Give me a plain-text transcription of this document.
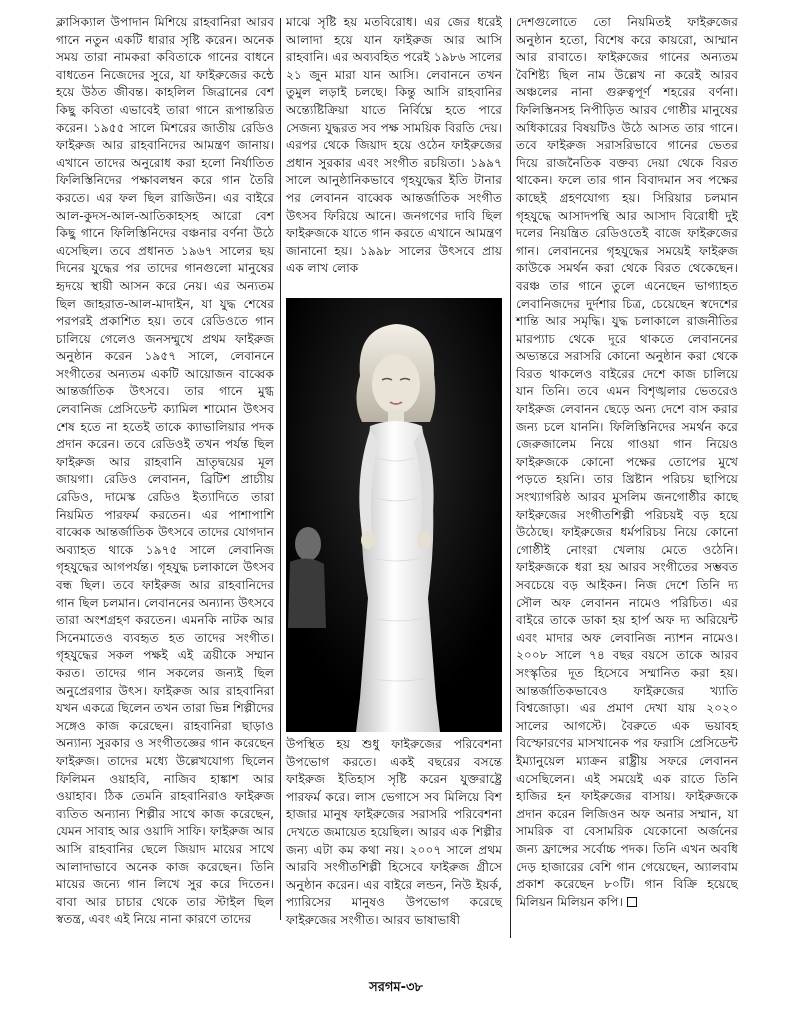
ক্লাসিক্যাল উপাদান মিশিয়ে রাহবানিরা আরব গানে নতুন একটি ধারার সৃষ্টি করেন। অনেক সময় তারা নামকরা কবিতাকে গানের বাধনে বাধতেন নিজেদের সুরে, যা ফাইরুজের কন্ঠে হয়ে উঠত জীবন্ত। কাহলিল জিব্রানের বেশ কিছু কবিতা এভাবেই তারা গানে রূপান্তরিত করেন। ১৯৫৫ সালে মিশরের জাতীয় রেডিও ফাইরুজ আর রাহবানিদের আমন্ত্রণ জানায়। এখানে তাদের অনুরোধ করা হলো নির্যাতিত ফিলিস্তিনিদের পক্ষাবলম্বন করে গান তৈরি করতে। এর ফল ছিল রাজিউন। এর বাইরে আল-কুদস-আল-আতিকাহসহ আরো বেশ কিছু গানে ফিলিস্তিনিদের বঞ্চনার বর্ণনা উঠে এসেছিল। তবে প্রধানত ১৯৬৭ সালের ছয় দিনের যুদ্ধের পর তাদের গানগুলো মানুষের হৃদয়ে স্থায়ী আসন করে নেয়। এর অন্যতম ছিল জাহরাত-আল-মাদাইন, যা যুদ্ধ শেষের পরপরই প্রকাশিত হয়। তবে রেডিওতে গান চালিয়ে গেলেও জনসম্মুখে প্রথম ফাইরুজ অনুষ্ঠান করেন ১৯৫৭ সালে, লেবাননে সংগীতের অন্যতম একটি আয়োজন বাব্বেক আন্তর্জাতিক উৎসবে। তার গানে মুগ্ধ লেবানিজ প্রেসিডেন্ট ক্যামিল শামোন উৎসব শেষ হতে না হতেই তাকে ক্যাভালিয়ার পদক প্রদান করেন। তবে রেডিওই তখন পর্যন্ত ছিল ফাইরুজ আর রাহবানি ভ্রাতৃদ্বয়ের মূল জায়গা। রেডিও লেবানন, ব্রিটিশ প্রাচ্যীয় রেডিও, দামেস্ক রেডিও ইত্যাদিতে তারা নিয়মিত পারফর্ম করতেন। এর পাশাপাশি বাব্বেক আন্তর্জাতিক উৎসবে তাদের যোগদান অব্যাহত থাকে ১৯৭৫ সালে লেবানিজ গৃহযুদ্ধের আগপর্যন্ত। গৃহযুদ্ধ চলাকালে উৎসব বন্ধ ছিল। তবে ফাইরুজ আর রাহবানিদের গান ছিল চলমান। লেবাননের অন্যান্য উৎসবে তারা অংশগ্রহণ করতেন। এমনকি নাটক আর সিনেমাতেও ব্যবহৃত হত তাদের সংগীত। গৃহযুদ্ধের সকল পক্ষই এই ত্রয়ীকে সম্মান করত। তাদের গান সকলের জন্যই ছিল অনুপ্রেরণার উৎস। ফাইরুজ আর রাহবানিরা যখন একত্রে ছিলেন তখন তারা ভিন্ন শিল্পীদের সঙ্গেও কাজ করেছেন। রাহবানিরা ছাড়াও অন্যান্য সুরকার ও সংগীতজ্ঞের গান করেছেন ফাইরুজ। তাদের মধ্যে উল্লেখযোগ্য ছিলেন ফিলিমন ওয়াহবি, নাজিব হাঙ্কাশ আর ওয়াহাব। ঠিক তেমনি রাহবানিরাও ফাইরুজ ব্যতিত অন্যান্য শিল্পীর সাথে কাজ করেছেন, যেমন সাবাহ আর ওয়াদি সাফি। ফাইরুজ আর আসি রাহবানির ছেলে জিয়াদ মায়ের সাথে আলাদাভাবে অনেক কাজ করেছেন। তিনি মায়ের জন্যে গান লিখে সুর করে দিতেন। বাবা আর চাচার থেকে তার স্টাইল ছিল স্বতন্ত্র, এবং এই নিয়ে নানা কারণে তাদের

মাঝে সৃষ্টি হয় মতবিরোধ। এর জের ধরেই আলাদা হয়ে যান ফাইরুজ আর আসি রাহবানি। এর অব্যবহিত পরেই ১৯৮৬ সালের ২১ জুন মারা যান আসি। লেবাননে তখন তুমুল লড়াই চলছে। কিন্তু আসি রাহবানির অন্ত্যেষ্টিক্রিয়া যাতে নির্বিঘ্নে হতে পারে সেজন্য যুদ্ধরত সব পক্ষ সাময়িক বিরতি দেয়। এরপর থেকে জিয়াদ হয়ে ওঠেন ফাইরুজের প্রধান সুরকার এবং সংগীত রচয়িতা। ১৯৯৭ সালে আনুষ্ঠানিকভাবে গৃহযুদ্ধের ইতি টানার পর লেবানন বাব্বেক আন্তর্জাতিক সংগীত উৎসব ফিরিয়ে আনে। জনগণের দাবি ছিল ফাইরুজকে যাতে গান করতে এখানে আমন্ত্রণ জানানো হয়। ১৯৯৮ সালের উৎসবে প্রায় এক লাখ লোক

উপস্থিত হয় শুধু ফাইরুজের পরিবেশনা উপভোগ করতে। একই বছরের বসন্তে ফাইরুজ ইতিহাস সৃষ্টি করেন যুক্তরাষ্ট্রে পারফর্ম করে। লাস ভেগাসে সব মিলিয়ে বিশ হাজার মানুষ ফাইরুজের সরাসরি পরিবেশনা দেখতে জমায়েত হয়েছিল। আরব এক শিল্পীর জন্য এটা কম কথা নয়। ২০০৭ সালে প্রথম আরবি সংগীতশিল্পী হিসেবে ফাইরুজ গ্রীসে অনুষ্ঠান করেন। এর বাইরে লন্ডন, নিউ ইয়র্ক, প্যারিসের মানুষও উপভোগ করেছে ফাইরুজের সংগীত। আরব ভাষাভাষী

দেশগুলোতে তো নিয়মিতই ফাইরুজের অনুষ্ঠান হতো, বিশেষ করে কায়রো, আম্মান আর রাবাতে। ফাইরুজের গানের অন্যতম বৈশিষ্ট্য ছিল নাম উল্লেখ না করেই আরব অঞ্চলের নানা গুরুত্বপূর্ণ শহরের বর্ণনা। ফিলিস্তিনসহ নিপীড়িত আরব গোষ্ঠীর মানুষের অধিকারের বিষয়টিও উঠে আসত তার গানে। তবে ফাইরুজ সরাসরিভাবে গানের ভেতর দিয়ে রাজনৈতিক বক্তব্য দেয়া থেকে বিরত থাকেন। ফলে তার গান বিবাদমান সব পক্ষের কাছেই গ্রহণযোগ্য হয়। সিরিয়ার চলমান গৃহযুদ্ধে আসাদপন্থি আর আসাদ বিরোধী দুই দলের নিয়ন্ত্রিত রেডিওতেই বাজে ফাইরুজের গান। লেবাননের গৃহযুদ্ধের সময়েই ফাইরুজ কাউকে সমর্থন করা থেকে বিরত থেকেছেন। বরঞ্চ তার গানে তুলে এনেছেন ভাগ্যাহত লেবানিজদের দুর্দশার চিত্র, চেয়েছেন স্বদেশের শান্তি আর সমৃদ্ধি। যুদ্ধ চলাকালে রাজনীতির মারপ্যাচ থেকে দূরে থাকতে লেবাননের অভ্যন্তরে সরাসরি কোনো অনুষ্ঠান করা থেকে বিরত থাকলেও বাইরের দেশে কাজ চালিয়ে যান তিনি। তবে এমন বিশৃঙ্খলার ভেতরেও ফাইরুজ লেবানন ছেড়ে অন্য দেশে বাস করার জন্য চলে যাননি। ফিলিস্তিনিদের সমর্থন করে জেরুজালেম নিয়ে গাওয়া গান নিয়েও ফাইরুজকে কোনো পক্ষের তোপের মুখে পড়তে হয়নি। তার খ্রিষ্টান পরিচয় ছাপিয়ে সংখ্যাগরিষ্ঠ আরব মুসলিম জনগোষ্ঠীর কাছে ফাইরুজের সংগীতশিল্পী পরিচয়ই বড় হয়ে উঠেছে। ফাইরুজের ধর্মপরিচয় নিয়ে কোনো গোষ্ঠীই নোংরা খেলায় মেতে ওঠেনি। ফাইরুজকে ধরা হয় আরব সংগীতের সম্ভবত সবচেয়ে বড় আইকন। নিজ দেশে তিনি দ্য সৌল অফ লেবানন নামেও পরিচিত। এর বাইরে তাকে ডাকা হয় হার্প অফ দ্য অরিয়েন্ট এবং মাদার অফ লেবানিজ ন্যাশন নামেও। ২০০৮ সালে ৭৪ বছর বয়সে তাকে আরব সংস্কৃতির দূত হিসেবে সম্মানিত করা হয়। আন্তর্জাতিকভাবেও ফাইরুজের খ্যাতি বিশ্বজোড়া। এর প্রমাণ দেখা যায় ২০২০ সালের আগস্টে। বৈরুতে এক ভয়াবহ বিস্ফোরণের মাসখানেক পর ফরাসি প্রেসিডেন্ট ইম্যানুয়েল ম্যাক্রন রাষ্ট্রীয় সফরে লেবানন এসেছিলেন। এই সময়েই এক রাতে তিনি হাজির হন ফাইরুজের বাসায়। ফাইরুজকে প্রদান করেন লিজিওন অফ অনার সম্মান, যা সামরিক বা বেসামরিক যেকোনো অর্জনের জন্য ফ্রান্সের সর্বোচ্চ পদক। তিনি এখন অবধি দেড় হাজারের বেশি গান গেয়েছেন, অ্যালবাম প্রকাশ করেছেন ৮০টি। গান বিক্রি হয়েছে মিলিয়ন মিলিয়ন কপি।

সরগম-৩৮
